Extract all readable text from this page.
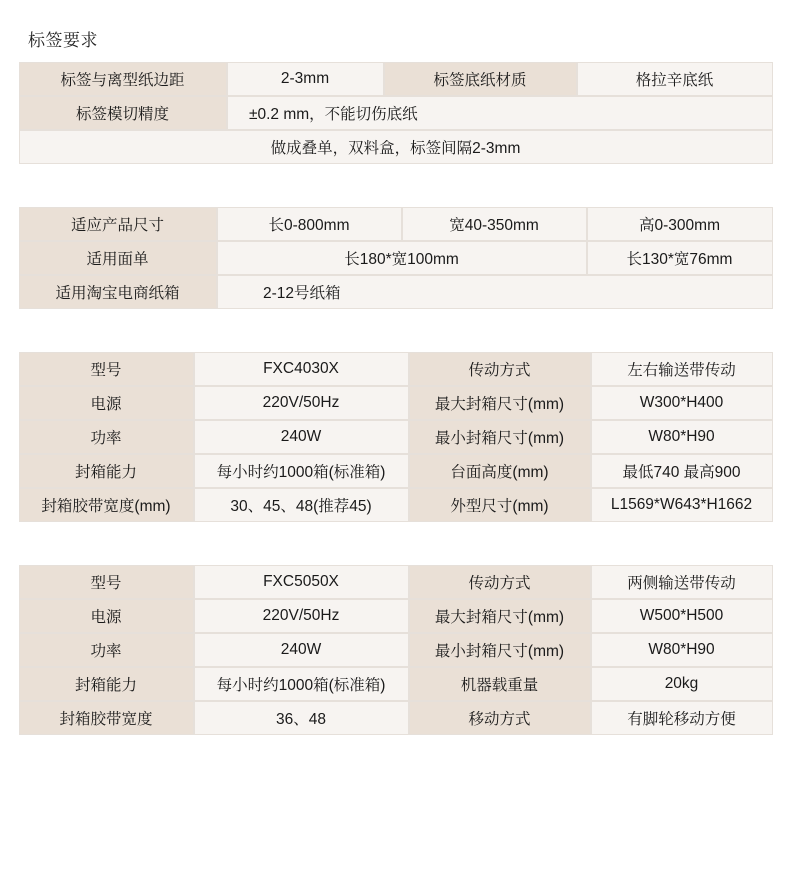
标签要求
标签与离型纸边距	2-3mm	标签底纸材质	格拉辛底纸
标签模切精度	±0.2 mm，不能切伤底纸		
做成叠单，双料盒，标签间隔2-3mm			
适应产品尺寸	长0-800mm	宽40-350mm	高0-300mm
适用面单	长180*宽100mm		长130*宽76mm
适用淘宝电商纸箱	2-12号纸箱		
型号	FXC4030X	传动方式	左右输送带传动
电源	220V/50Hz	最大封箱尺寸(mm)	W300*H400
功率	240W	最小封箱尺寸(mm)	W80*H90
封箱能力	每小时约1000箱(标准箱)	台面高度(mm)	最低740 最高900
封箱胶带宽度(mm)	30、45、48(推荐45)	外型尺寸(mm)	L1569*W643*H1662
型号	FXC5050X	传动方式	两侧输送带传动
电源	220V/50Hz	最大封箱尺寸(mm)	W500*H500
功率	240W	最小封箱尺寸(mm)	W80*H90
封箱能力	每小时约1000箱(标准箱)	机器载重量	20kg
封箱胶带宽度	36、48	移动方式	有脚轮移动方便
